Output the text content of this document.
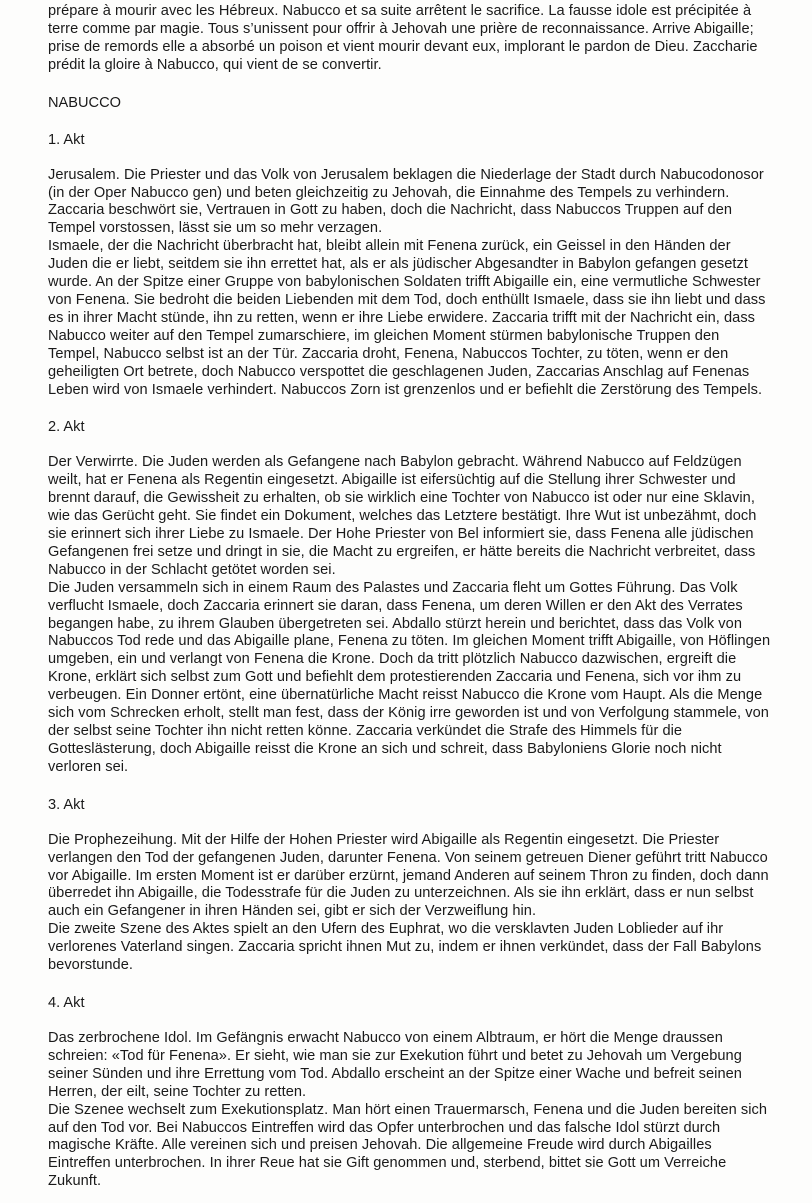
prépare à mourir avec les Hébreux. Nabucco et sa suite arrêtent le sacrifice. La fausse idole est précipitée à terre comme par magie. Tous s’unissent pour offrir à Jehovah une prière de reconnaissance. Arrive Abigaille; prise de remords elle a absorbé un poison et vient mourir devant eux, implorant le pardon de Dieu. Zaccharie prédit la gloire à Nabucco, qui vient de se convertir.

NABUCCO

1. Akt

Jerusalem. Die Priester und das Volk von Jerusalem beklagen die Niederlage der Stadt durch Nabucodonosor (in der Oper Nabucco gen) und beten gleichzeitig zu Jehovah, die Einnahme des Tempels zu verhindern. Zaccaria beschwört sie, Vertrauen in Gott zu haben, doch die Nachricht, dass Nabuccos Truppen auf den Tempel vorstossen, lässt sie um so mehr verzagen.

Ismaele, der die Nachricht überbracht hat, bleibt allein mit Fenena zurück, ein Geissel in den Händen der Juden die er liebt, seitdem sie ihn errettet hat, als er als jüdischer Abgesandter in Babylon gefangen gesetzt wurde. An der Spitze einer Gruppe von babylonischen Soldaten trifft Abigaille ein, eine vermutliche Schwester von Fenena. Sie bedroht die beiden Liebenden mit dem Tod, doch enthüllt Ismaele, dass sie ihn liebt und dass es in ihrer Macht stünde, ihn zu retten, wenn er ihre Liebe erwidere. Zaccaria trifft mit der Nachricht ein, dass Nabucco weiter auf den Tempel zumarschiere, im gleichen Moment stürmen babylonische Truppen den Tempel, Nabucco selbst ist an der Tür. Zaccaria droht, Fenena, Nabuccos Tochter, zu töten, wenn er den geheiligten Ort betrete, doch Nabucco verspottet die geschlagenen Juden, Zaccarias Anschlag auf Fenenas Leben wird von Ismaele verhindert. Nabuccos Zorn ist grenzenlos und er befiehlt die Zerstörung des Tempels.

2. Akt

Der Verwirrte. Die Juden werden als Gefangene nach Babylon gebracht. Während Nabucco auf Feldzügen weilt, hat er Fenena als Regentin eingesetzt. Abigaille ist eifersüchtig auf die Stellung ihrer Schwester und brennt darauf, die Gewissheit zu erhalten, ob sie wirklich eine Tochter von Nabucco ist oder nur eine Sklavin, wie das Gerücht geht. Sie findet ein Dokument, welches das Letztere bestätigt. Ihre Wut ist unbezähmt, doch sie erinnert sich ihrer Liebe zu Ismaele. Der Hohe Priester von Bel informiert sie, dass Fenena alle jüdischen Gefangenen frei setze und dringt in sie, die Macht zu ergreifen, er hätte bereits die Nachricht verbreitet, dass Nabucco in der Schlacht getötet worden sei.

Die Juden versammeln sich in einem Raum des Palastes und Zaccaria fleht um Gottes Führung. Das Volk verflucht Ismaele, doch Zaccaria erinnert sie daran, dass Fenena, um deren Willen er den Akt des Verrates begangen habe, zu ihrem Glauben übergetreten sei. Abdallo stürzt herein und berichtet, dass das Volk von Nabuccos Tod rede und das Abigaille plane, Fenena zu töten. Im gleichen Moment trifft Abigaille, von Höflingen umgeben, ein und verlangt von Fenena die Krone. Doch da tritt plötzlich Nabucco dazwischen, ergreift die Krone, erklärt sich selbst zum Gott und befiehlt dem protestierenden Zaccaria und Fenena, sich vor ihm zu verbeugen. Ein Donner ertönt, eine übernatürliche Macht reisst Nabucco die Krone vom Haupt. Als die Menge sich vom Schrecken erholt, stellt man fest, dass der König irre geworden ist und von Verfolgung stammele, von der selbst seine Tochter ihn nicht retten könne. Zaccaria verkündet die Strafe des Himmels für die Gotteslästerung, doch Abigaille reisst die Krone an sich und schreit, dass Babyloniens Glorie noch nicht verloren sei.

3. Akt

Die Prophezeihung. Mit der Hilfe der Hohen Priester wird Abigaille als Regentin eingesetzt. Die Priester verlangen den Tod der gefangenen Juden, darunter Fenena. Von seinem getreuen Diener geführt tritt Nabucco vor Abigaille. Im ersten Moment ist er darüber erzürnt, jemand Anderen auf seinem Thron zu finden, doch dann überredet ihn Abigaille, die Todesstrafe für die Juden zu unterzeichnen. Als sie ihn erklärt, dass er nun selbst auch ein Gefangener in ihren Händen sei, gibt er sich der Verzweiflung hin.

Die zweite Szene des Aktes spielt an den Ufern des Euphrat, wo die versklavten Juden Loblieder auf ihr verlorenes Vaterland singen. Zaccaria spricht ihnen Mut zu, indem er ihnen verkündet, dass der Fall Babylons bevorstunde.

4. Akt

Das zerbrochene Idol. Im Gefängnis erwacht Nabucco von einem Albtraum, er hört die Menge draussen schreien: «Tod für Fenena». Er sieht, wie man sie zur Exekution führt und betet zu Jehovah um Vergebung seiner Sünden und ihre Errettung vom Tod. Abdallo erscheint an der Spitze einer Wache und befreit seinen Herren, der eilt, seine Tochter zu retten.

Die Szenee wechselt zum Exekutionsplatz. Man hört einen Trauermarsch, Fenena und die Juden bereiten sich auf den Tod vor. Bei Nabuccos Eintreffen wird das Opfer unterbrochen und das falsche Idol stürzt durch magische Kräfte. Alle vereinen sich und preisen Jehovah. Die allgemeine Freude wird durch Abigailles Eintreffen unterbrochen. In ihrer Reue hat sie Gift genommen und, sterbend, bittet sie Gott um Verreiche Zukunft.
